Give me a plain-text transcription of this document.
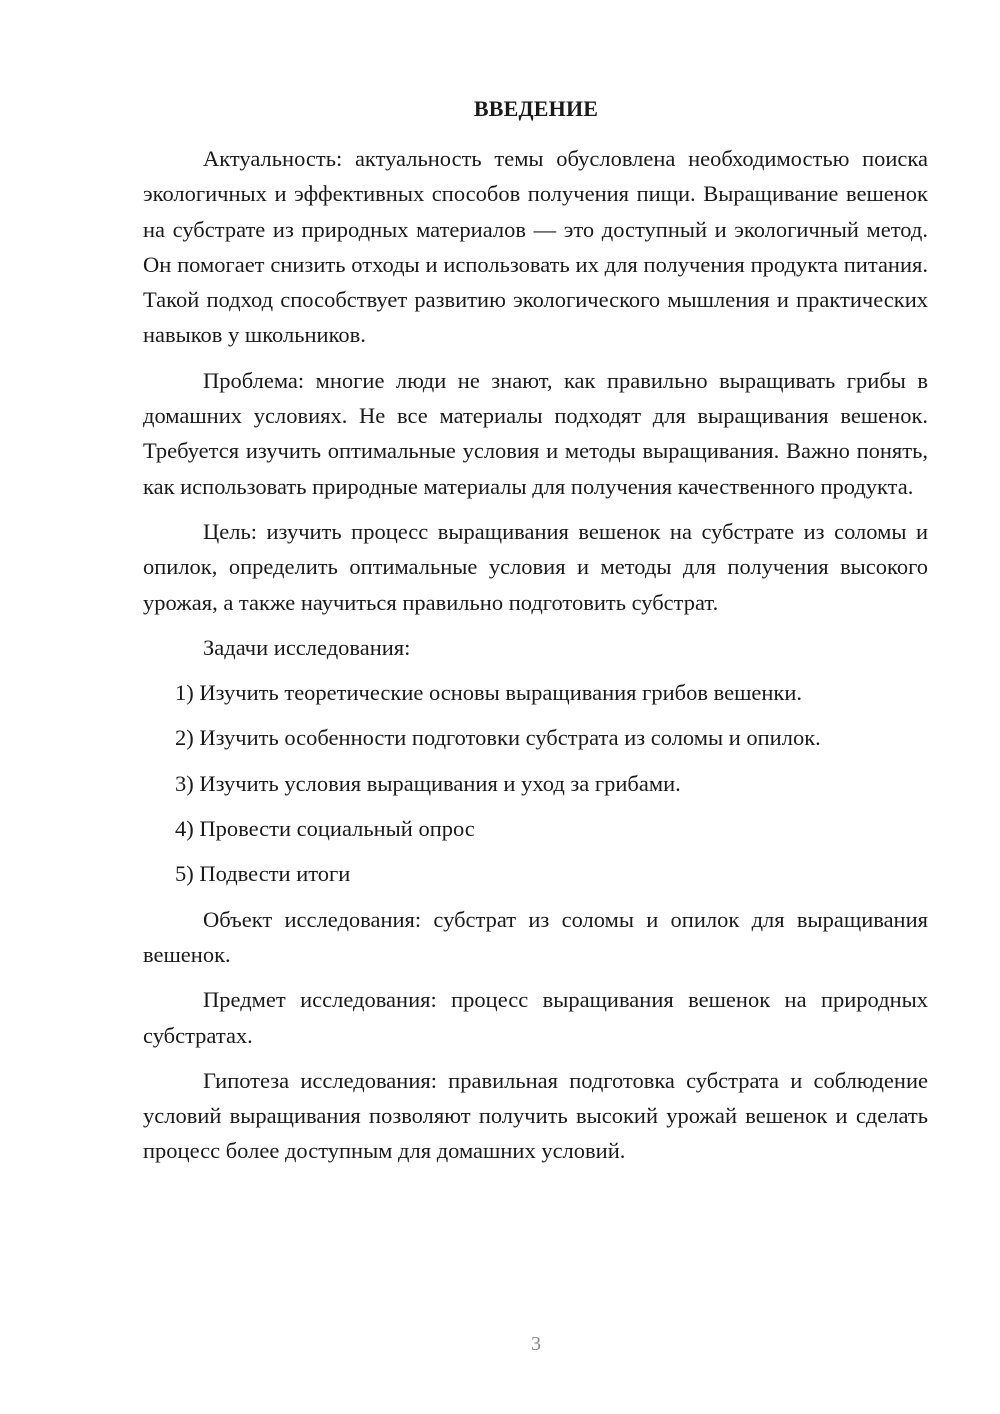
ВВЕДЕНИЕ

Актуальность: актуальность темы обусловлена необходимостью поиска экологичных и эффективных способов получения пищи. Выращивание вешенок на субстрате из природных материалов — это доступный и экологичный метод. Он помогает снизить отходы и использовать их для получения продукта питания. Такой подход способствует развитию экологического мышления и практических навыков у школьников.

Проблема: многие люди не знают, как правильно выращивать грибы в домашних условиях. Не все материалы подходят для выращивания вешенок. Требуется изучить оптимальные условия и методы выращивания. Важно понять, как использовать природные материалы для получения качественного продукта.

Цель: изучить процесс выращивания вешенок на субстрате из соломы и опилок, определить оптимальные условия и методы для получения высокого урожая, а также научиться правильно подготовить субстрат.

Задачи исследования:

1) Изучить теоретические основы выращивания грибов вешенки.
2) Изучить особенности подготовки субстрата из соломы и опилок.
3) Изучить условия выращивания и уход за грибами.
4) Провести социальный опрос
5) Подвести итоги

Объект исследования: субстрат из соломы и опилок для выращивания вешенок.

Предмет исследования: процесс выращивания вешенок на природных субстратах.

Гипотеза исследования: правильная подготовка субстрата и соблюдение условий выращивания позволяют получить высокий урожай вешенок и сделать процесс более доступным для домашних условий.

3
